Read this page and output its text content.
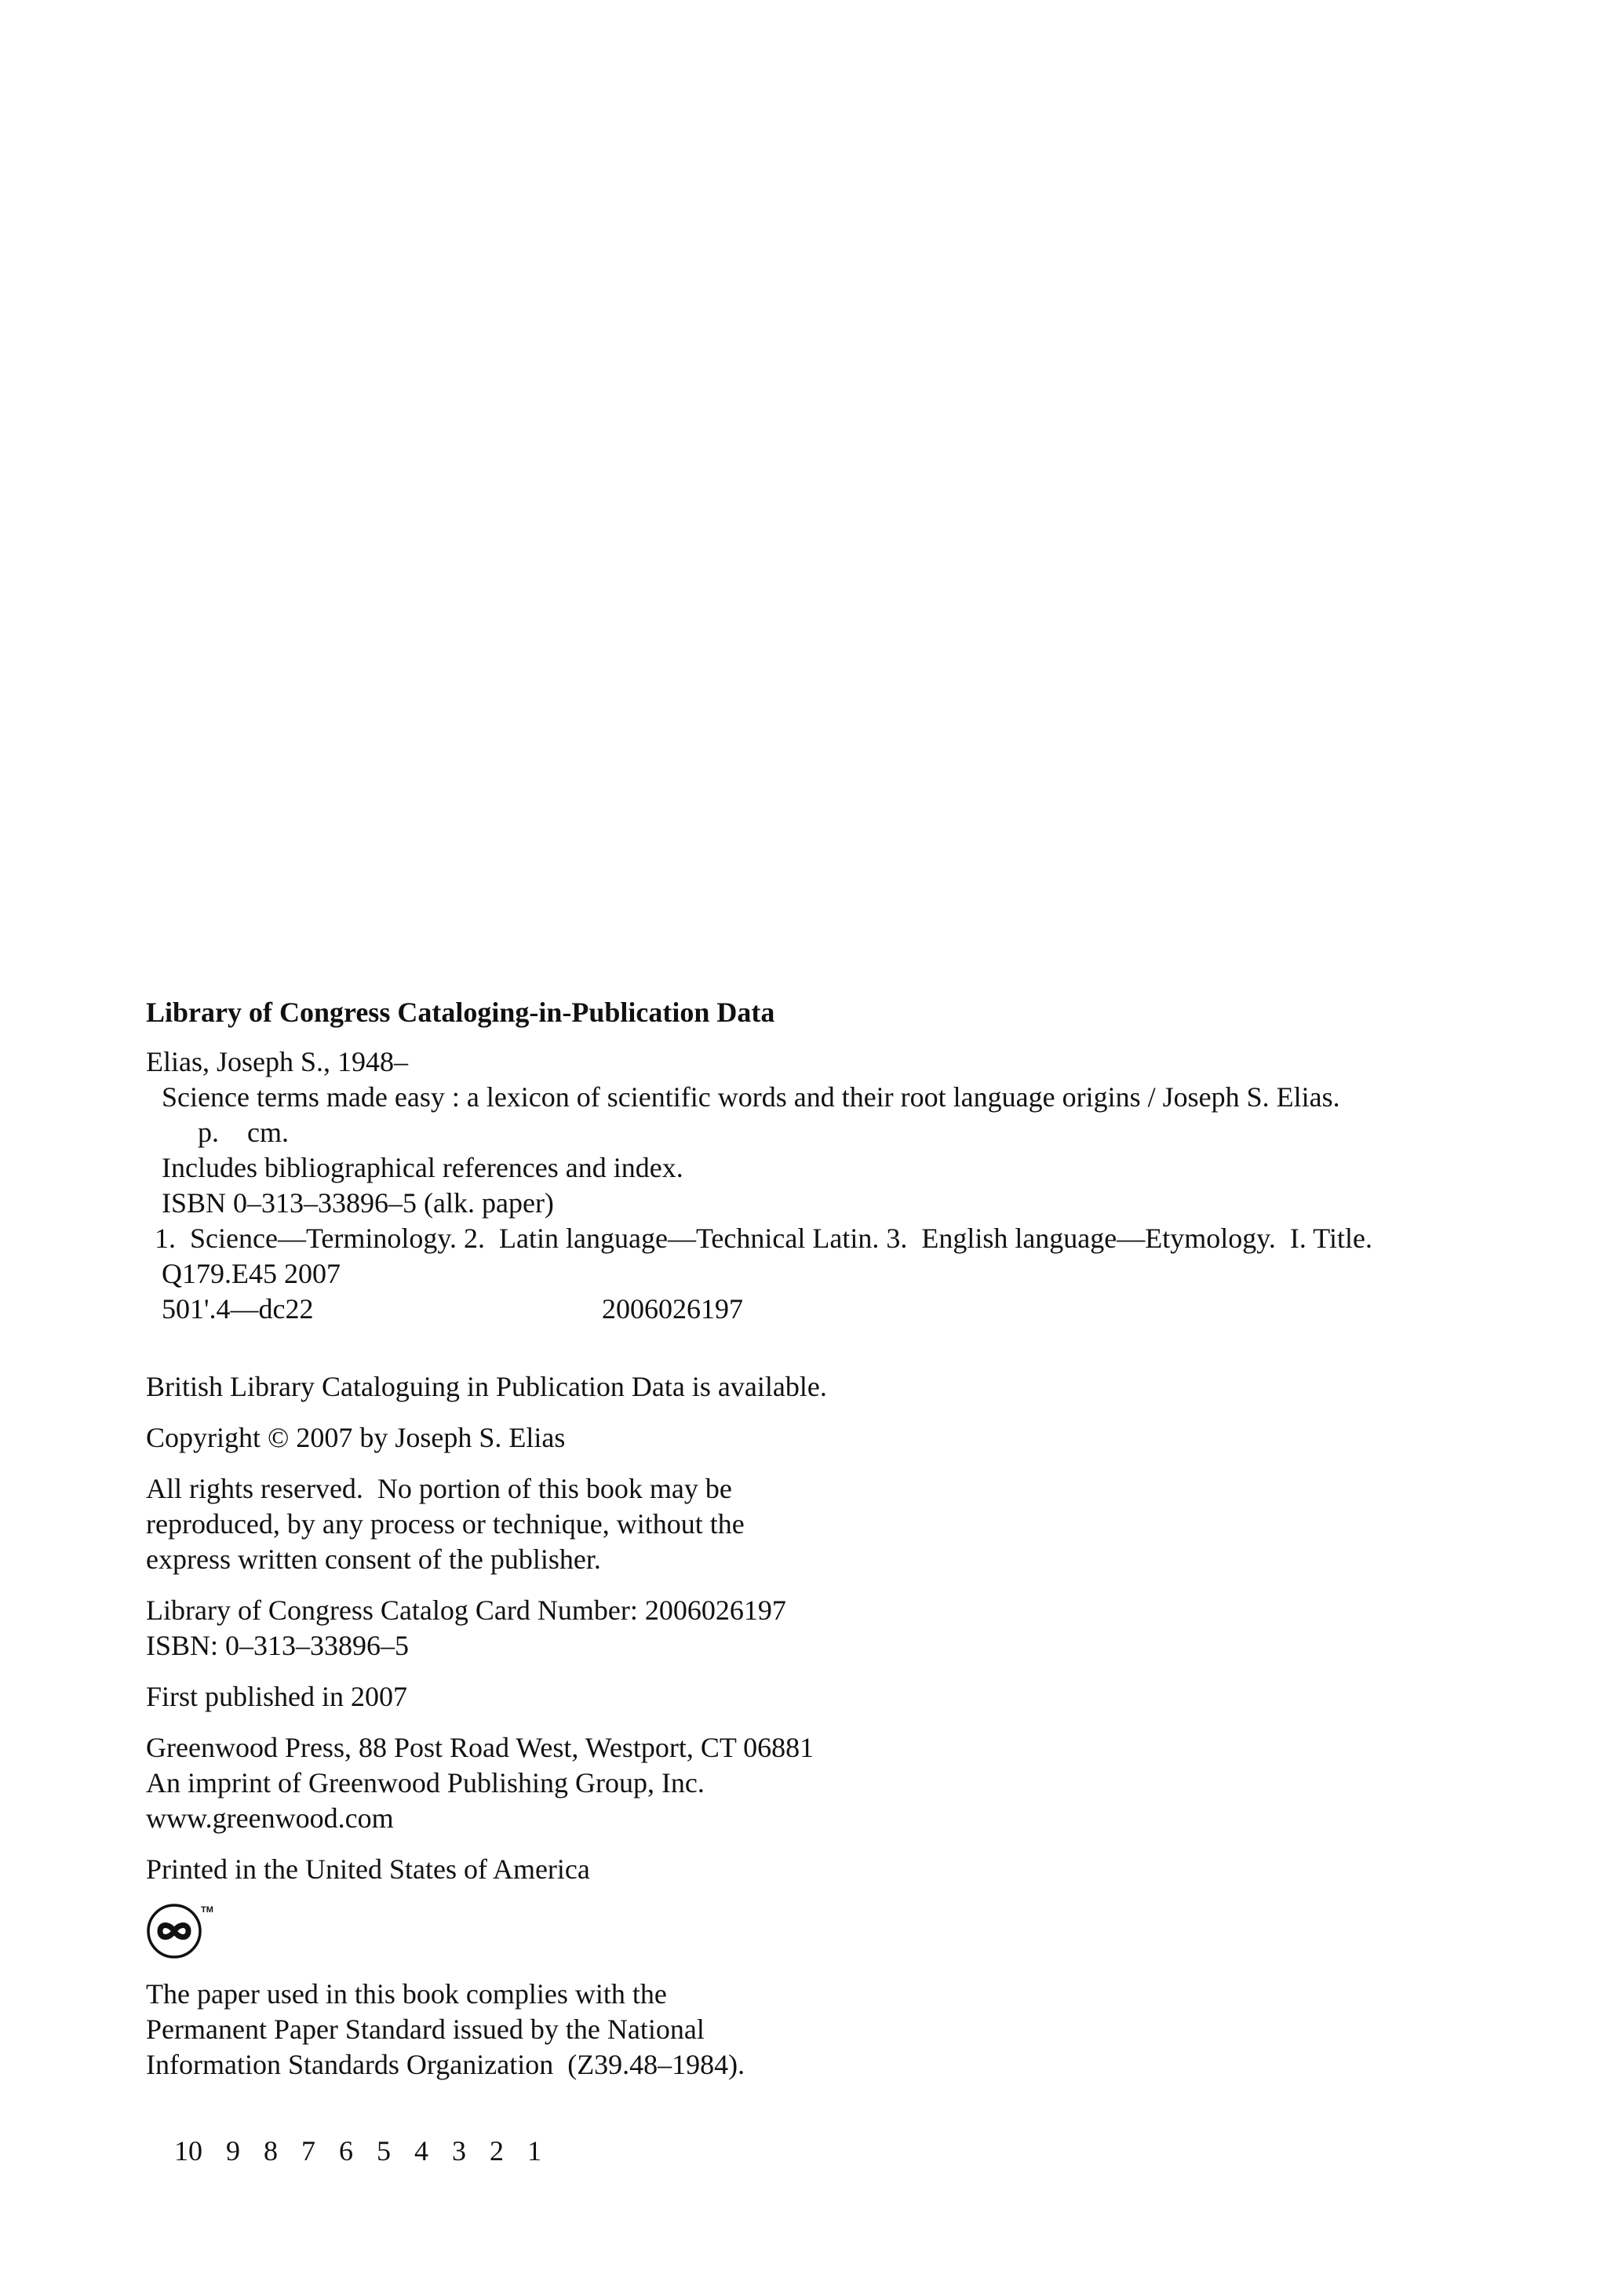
Library of Congress Cataloging-in-Publication Data
Elias, Joseph S., 1948–
Science terms made easy : a lexicon of scientific words and their root language origins / Joseph S. Elias.
p.    cm.
Includes bibliographical references and index.
ISBN 0–313–33896–5 (alk. paper)
1.  Science—Terminology. 2.  Latin language—Technical Latin. 3.  English language—Etymology.  I. Title.
Q179.E45 2007
501'.4—dc22	2006026197
British Library Cataloguing in Publication Data is available.
Copyright © 2007 by Joseph S. Elias
All rights reserved.  No portion of this book may be
reproduced, by any process or technique, without the
express written consent of the publisher.
Library of Congress Catalog Card Number: 2006026197
ISBN: 0–313–33896–5
First published in 2007
Greenwood Press, 88 Post Road West, Westport, CT 06881
An imprint of Greenwood Publishing Group, Inc.
www.greenwood.com
Printed in the United States of America
TM
The paper used in this book complies with the
Permanent Paper Standard issued by the National
Information Standards Organization  (Z39.48–1984).

10 9 8 7 6 5 4 3 2 1
